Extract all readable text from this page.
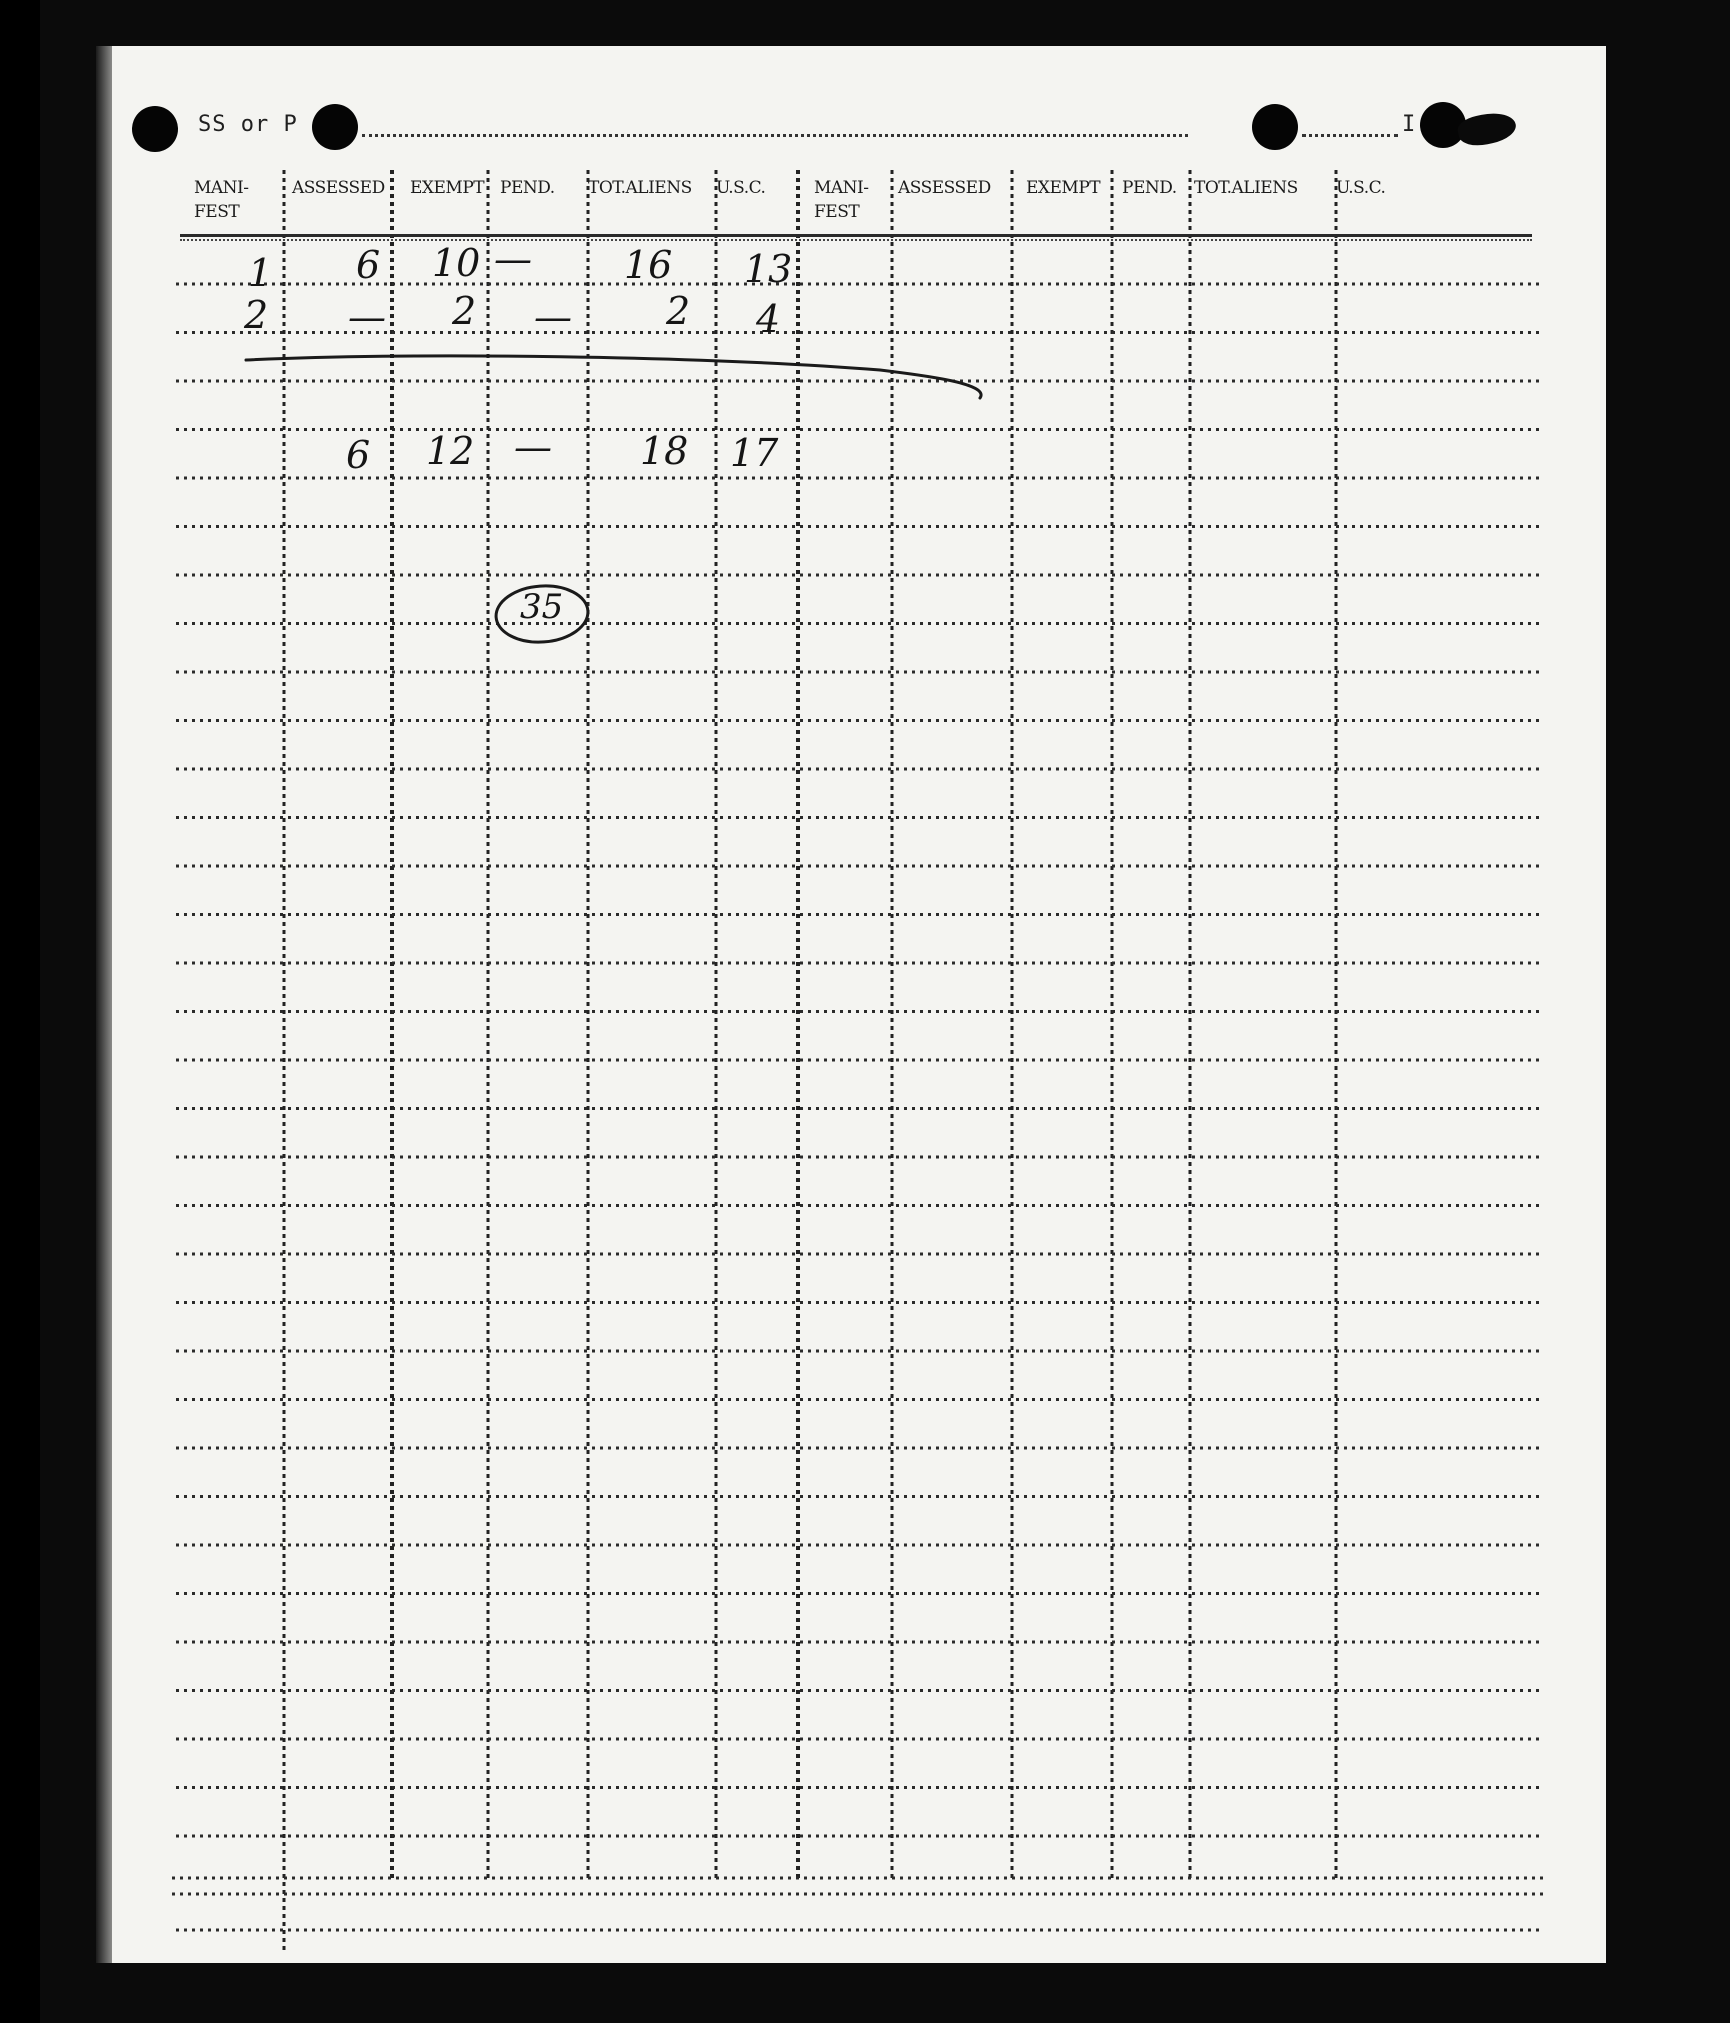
SS or P	I
MANI-
FEST
ASSESSED EXEMPT PEND. TOT.ALIENS U.S.C.	MANI-
FEST
ASSESSED EXEMPT PEND. TOT.ALIENS U.S.C.
1 6 10 — 16 13
2 — 2 — 2 4
6 12 — 18 17
35
